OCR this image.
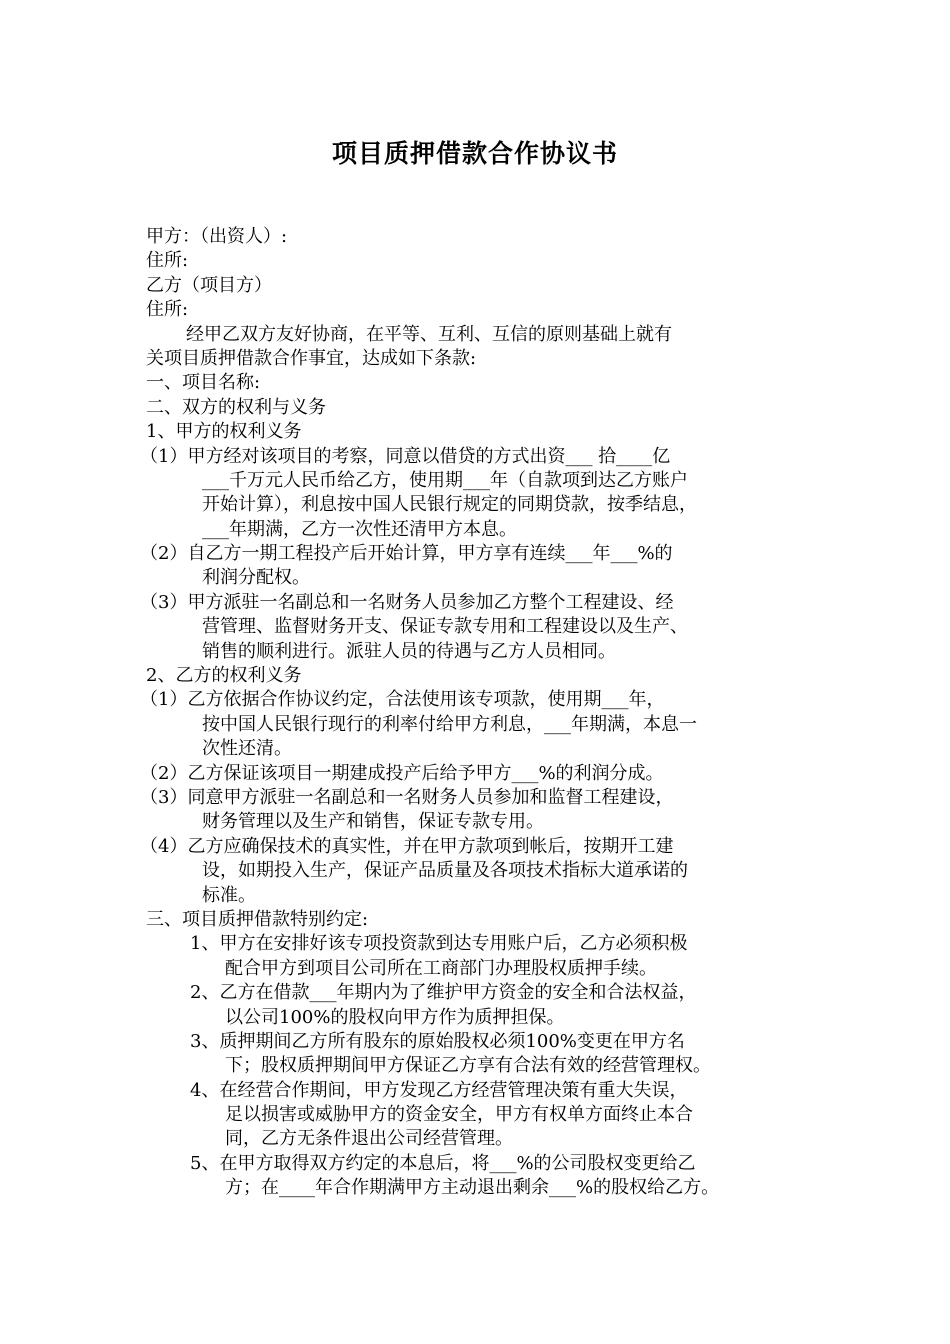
项目质押借款合作协议书
甲方：（出资人）:
住所:
乙方（项目方）
住所:
经甲乙双方友好协商，在平等、互利、互信的原则基础上就有
关项目质押借款合作事宜，达成如下条款:
一、项目名称:
二、双方的权利与义务
1、甲方的权利义务
（1）甲方经对该项目的考察，同意以借贷的方式出资___ 拾____亿
___千万元人民币给乙方，使用期___年（自款项到达乙方账户
开始计算），利息按中国人民银行规定的同期贷款，按季结息，
___年期满，乙方一次性还清甲方本息。
（2）自乙方一期工程投产后开始计算，甲方享有连续___年___%的
利润分配权。
（3）甲方派驻一名副总和一名财务人员参加乙方整个工程建设、经
营管理、监督财务开支、保证专款专用和工程建设以及生产、
销售的顺利进行。派驻人员的待遇与乙方人员相同。
2、乙方的权利义务
（1）乙方依据合作协议约定，合法使用该专项款，使用期___年，
按中国人民银行现行的利率付给甲方利息，___年期满，本息一
次性还清。
（2）乙方保证该项目一期建成投产后给予甲方___%的利润分成。
（3）同意甲方派驻一名副总和一名财务人员参加和监督工程建设，
财务管理以及生产和销售，保证专款专用。
（4）乙方应确保技术的真实性，并在甲方款项到帐后，按期开工建
设，如期投入生产，保证产品质量及各项技术指标大道承诺的
标准。
三、项目质押借款特别约定:
1、甲方在安排好该专项投资款到达专用账户后，乙方必须积极
配合甲方到项目公司所在工商部门办理股权质押手续。
2、乙方在借款___年期内为了维护甲方资金的安全和合法权益，
以公司100%的股权向甲方作为质押担保。
3、质押期间乙方所有股东的原始股权必须100%变更在甲方名
下；股权质押期间甲方保证乙方享有合法有效的经营管理权。
4、在经营合作期间，甲方发现乙方经营管理决策有重大失误，
足以损害或威胁甲方的资金安全，甲方有权单方面终止本合
同，乙方无条件退出公司经营管理。
5、在甲方取得双方约定的本息后，将___%的公司股权变更给乙
方；在____年合作期满甲方主动退出剩余___%的股权给乙方。
